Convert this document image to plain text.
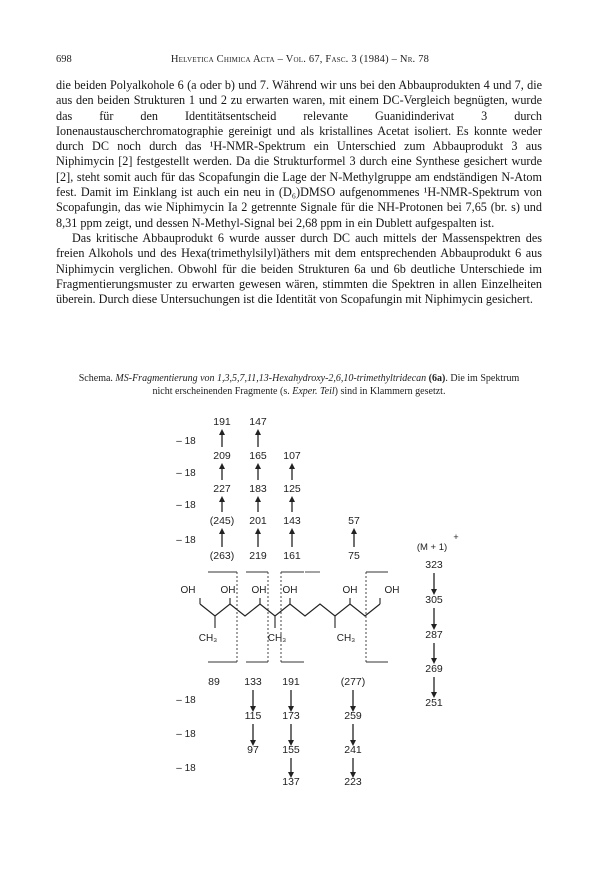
698	Helvetica Chimica Acta – Vol. 67, Fasc. 3 (1984) – Nr. 78

die beiden Polyalkohole 6 (a oder b) und 7. Während wir uns bei den Abbauprodukten 4 und 7, die aus den beiden Strukturen 1 und 2 zu erwarten waren, mit einem DC-Vergleich begnügten, wurde das für den Identitätsentscheid relevante Guanidinderivat 3 durch Ionenaustauscherchromatographie gereinigt und als kristallines Acetat isoliert. Es konnte weder durch DC noch durch das ¹H-NMR-Spektrum ein Unterschied zum Abbauprodukt 3 aus Niphimycin [2] festgestellt werden. Da die Strukturformel 3 durch eine Synthese gesichert wurde [2], steht somit auch für das Scopafungin die Lage der N-Methylgruppe am endständigen N-Atom fest. Damit im Einklang ist auch ein neu in (D₆)DMSO aufgenommenes ¹H-NMR-Spektrum von Scopafungin, das wie Niphimycin Ia 2 getrennte Signale für die NH-Protonen bei 7,65 (br. s) und 8,31 ppm zeigt, und dessen N-Methyl-Signal bei 2,68 ppm in ein Dublett aufgespalten ist.

Das kritische Abbauprodukt 6 wurde ausser durch DC auch mittels der Massenspektren des freien Alkohols und des Hexa(trimethylsilyl)äthers mit dem entsprechenden Abbauprodukt 6 aus Niphimycin verglichen. Obwohl für die beiden Strukturen 6a und 6b deutliche Unterschiede im Fragmentierungsmuster zu erwarten gewesen wären, stimmten die Spektren in allen Einzelheiten überein. Durch diese Untersuchungen ist die Identität von Scopafungin mit Niphimycin gesichert.

Schema. MS-Fragmentierung von 1,3,5,7,11,13-Hexahydroxy-2,6,10-trimethyltridecan (6a). Die im Spektrum
nicht erscheinenden Fragmente (s. Exper. Teil) sind in Klammern gesetzt.
(263)
(245)
227
209
191
219
201
183
165
147
161
143
125
107
75
57
– 18
– 18
– 18
– 18
OH	OH OH OH	OH	OH
CH₃	CH₃	CH₃
89 133
115
97
191
173
155
137
(277)
259
241
223
– 18
– 18
– 18
(M + 1)
+
323
305
287
269
251
